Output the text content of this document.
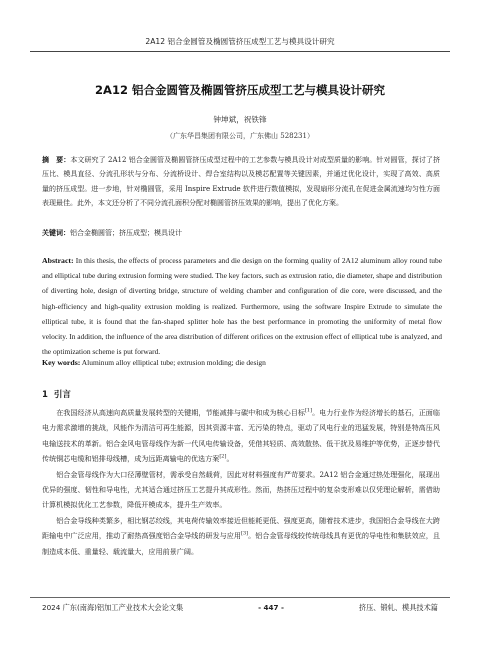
2A12 铝合金圆管及椭圆管挤压成型工艺与模具设计研究
2A12 铝合金圆管及椭圆管挤压成型工艺与模具设计研究
钟坤斌，祝铁锋
（广东华昌集团有限公司，广东佛山 528231）
摘　要：本文研究了 2A12 铝合金圆管及椭圆管挤压成型过程中的工艺参数与模具设计对成型质量的影响。针对圆管，探讨了挤压比、模具直径、分流孔形状与分布、分流桥设计、焊合室结构以及模芯配置等关键因素，并通过优化设计，实现了高效、高质量的挤压成型。进一步地，针对椭圆管，采用 Inspire Extrude 软件进行数值模拟，发现扇形分流孔在促进金属流速均匀性方面表现最佳。此外，本文还分析了不同分流孔面积分配对椭圆管挤压效果的影响，提出了优化方案。
关键词：铝合金椭圆管；挤压成型；模具设计
Abstract: In this thesis, the effects of process parameters and die design on the forming quality of 2A12 aluminum alloy round tube and elliptical tube during extrusion forming were studied. The key factors, such as extrusion ratio, die diameter, shape and distribution of diverting hole, design of diverting bridge, structure of welding chamber and configuration of die core, were discussed, and the high-efficiency and high-quality extrusion molding is realized. Furthermore, using the software Inspire Extrude to simulate the elliptical tube, it is found that the fan-shaped splitter hole has the best performance in promoting the uniformity of metal flow velocity. In addition, the influence of the area distribution of different orifices on the extrusion effect of elliptical tube is analyzed, and the optimization scheme is put forward.
Key words: Aluminum alloy elliptical tube; extrusion molding; die design
1 引言

在我国经济从高速向高质量发展转型的关键期，节能减排与碳中和成为核心目标[1]。电力行业作为经济增长的基石，正面临电力需求激增的挑战，风能作为清洁可再生能源，因其资源丰富、无污染的特点，驱动了风电行业的迅猛发展，特别是特高压风电输送技术的革新。铝合金风电管母线作为新一代风电传输设备，凭借其轻质、高效散热、低干扰及易维护等优势，正逐步替代传统铜芯电缆和铝排母线槽，成为远距离输电的优选方案[2]。

铝合金管母线作为大口径薄壁管材，需承受自然载荷，因此对材料强度有严苛要求。2A12 铝合金通过热处理强化，展现出优异的强度、韧性和导电性，尤其适合通过挤压工艺提升其成形性。然而，热挤压过程中的复杂变形难以仅凭理论解析，需借助计算机模拟优化工艺参数，降低开模成本，提升生产效率。

铝合金导线种类繁多，相比钢芯绞线，其电荷传输效率接近但能耗更低、强度更高，随着技术进步，我国铝合金导线在大跨距输电中广泛应用，推动了耐热高强度铝合金导线的研发与应用[3]。铝合金管母线较传统母线具有更优的导电性和集肤效应，且制造成本低、重量轻、载流量大，应用前景广阔。

2024 广东(南海)铝加工产业技术大会论文集	- 447 -	挤压、锻轧、模具技术篇
